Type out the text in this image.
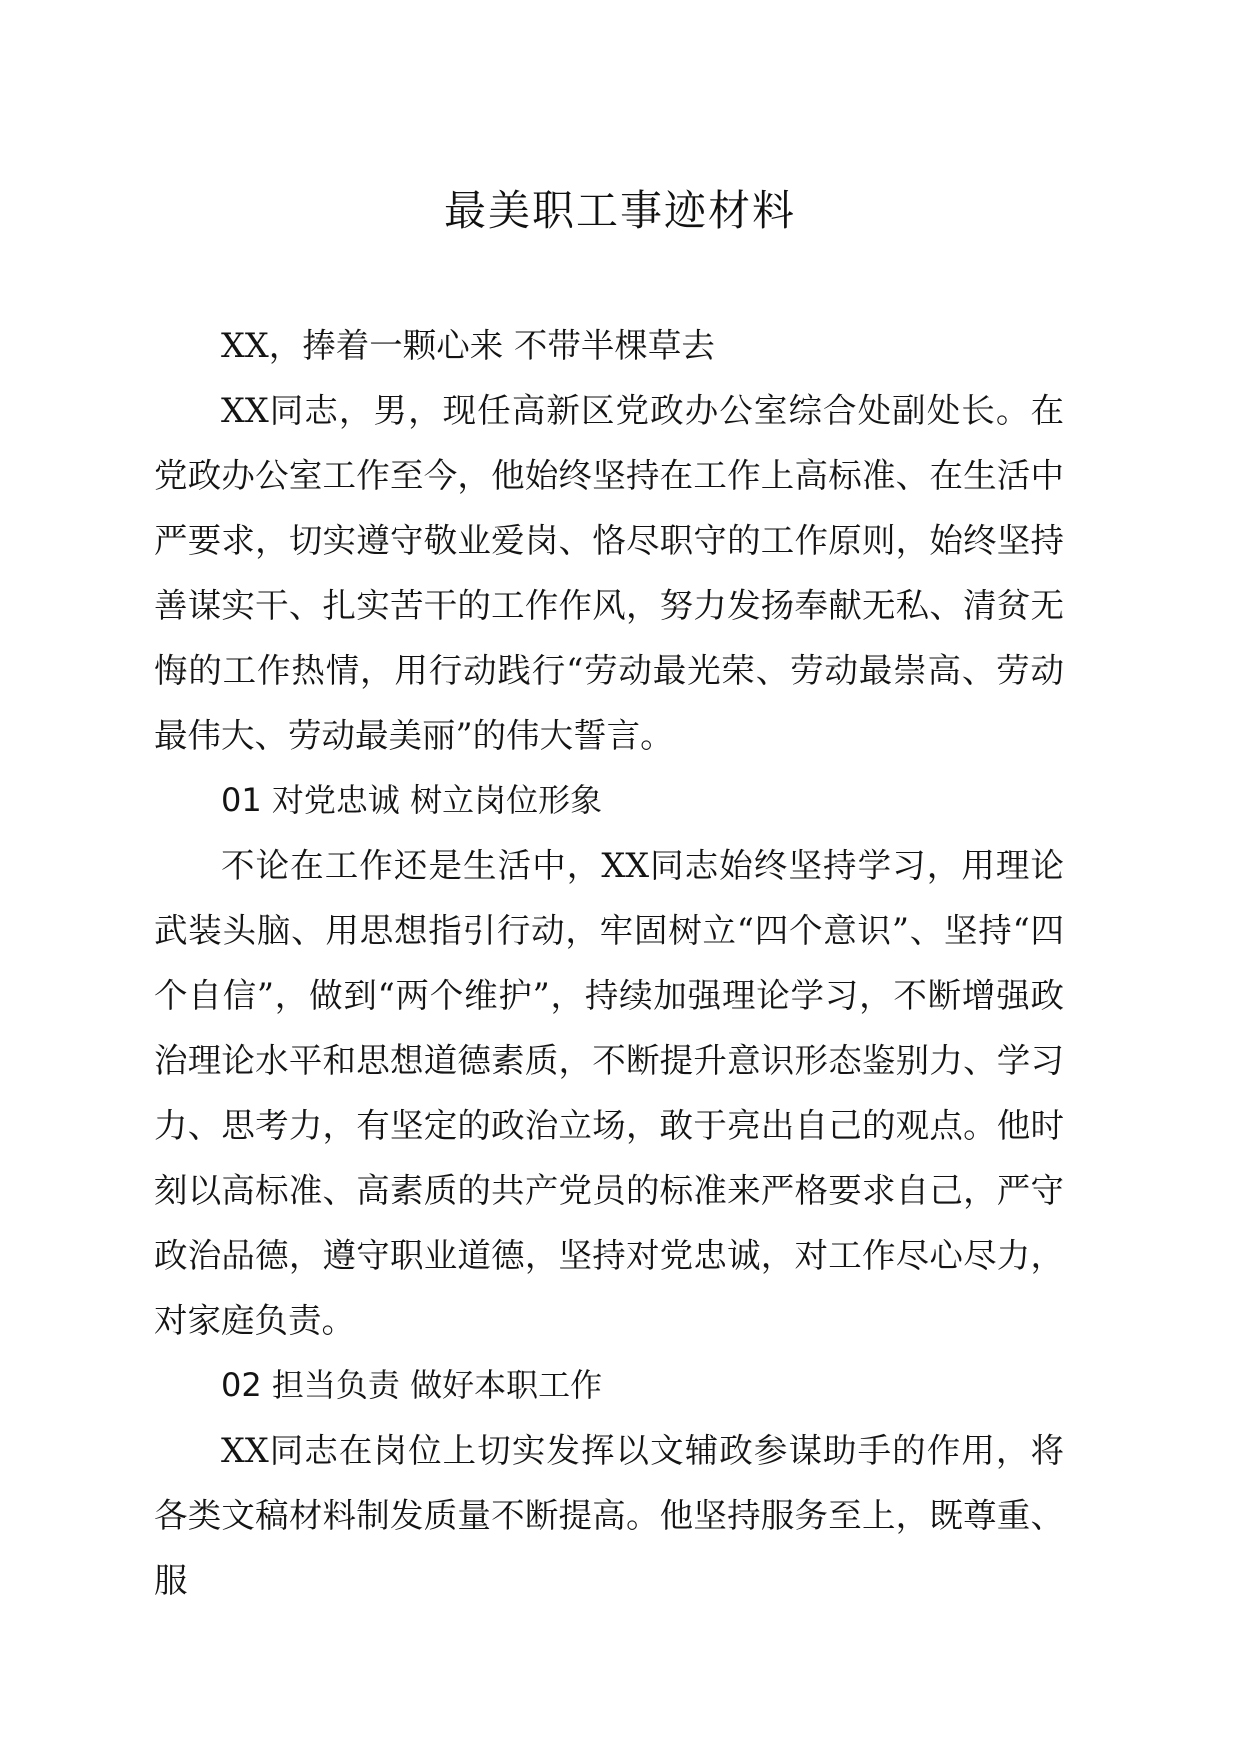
最美职工事迹材料

XX，捧着一颗心来 不带半棵草去

XX同志，男，现任高新区党政办公室综合处副处长。在党政办公室工作至今，他始终坚持在工作上高标准、在生活中严要求，切实遵守敬业爱岗、恪尽职守的工作原则，始终坚持善谋实干、扎实苦干的工作作风，努力发扬奉献无私、清贫无悔的工作热情，用行动践行“劳动最光荣、劳动最崇高、劳动最伟大、劳动最美丽”的伟大誓言。

01 对党忠诚 树立岗位形象

不论在工作还是生活中，XX同志始终坚持学习，用理论武装头脑、用思想指引行动，牢固树立“四个意识”、坚持“四个自信”，做到“两个维护”，持续加强理论学习，不断增强政治理论水平和思想道德素质，不断提升意识形态鉴别力、学习力、思考力，有坚定的政治立场，敢于亮出自己的观点。他时刻以高标准、高素质的共产党员的标准来严格要求自己，严守政治品德，遵守职业道德，坚持对党忠诚，对工作尽心尽力，对家庭负责。

02 担当负责 做好本职工作

XX同志在岗位上切实发挥以文辅政参谋助手的作用，将各类文稿材料制发质量不断提高。他坚持服务至上，既尊重、服
